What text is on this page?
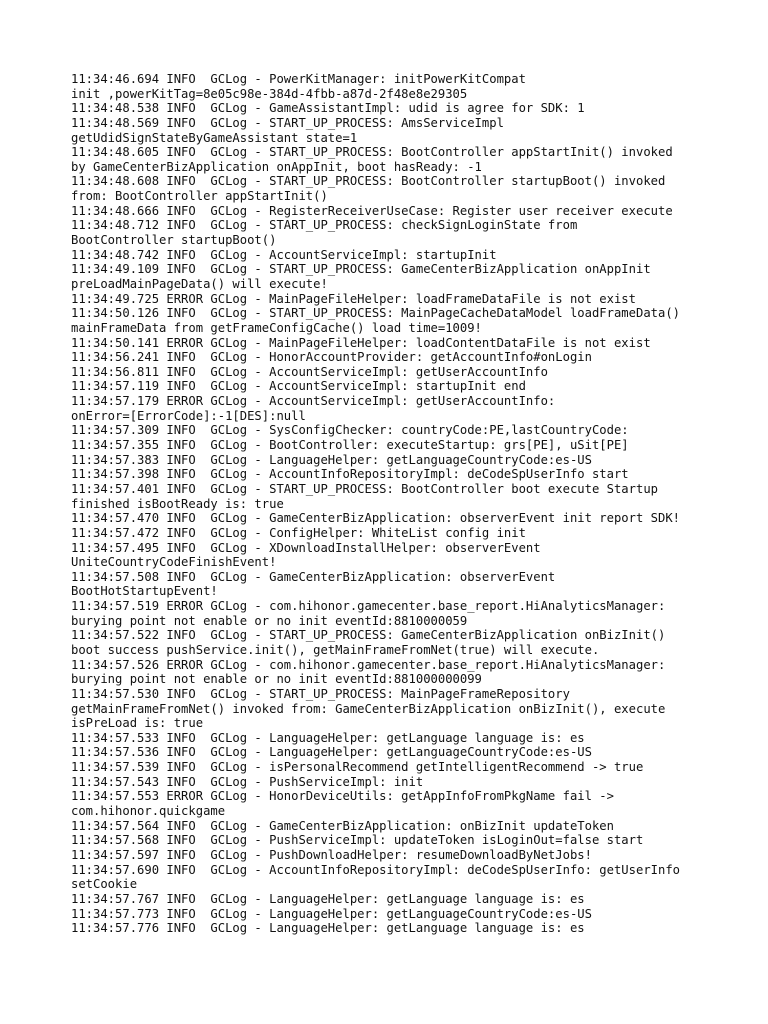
11:34:46.694 INFO  GCLog - PowerKitManager: initPowerKitCompat
init ,powerKitTag=8e05c98e-384d-4fbb-a87d-2f48e8e29305
11:34:48.538 INFO  GCLog - GameAssistantImpl: udid is agree for SDK: 1
11:34:48.569 INFO  GCLog - START_UP_PROCESS: AmsServiceImpl
getUdidSignStateByGameAssistant state=1
11:34:48.605 INFO  GCLog - START_UP_PROCESS: BootController appStartInit() invoked
by GameCenterBizApplication onAppInit, boot hasReady: -1
11:34:48.608 INFO  GCLog - START_UP_PROCESS: BootController startupBoot() invoked
from: BootController appStartInit()
11:34:48.666 INFO  GCLog - RegisterReceiverUseCase: Register user receiver execute
11:34:48.712 INFO  GCLog - START_UP_PROCESS: checkSignLoginState from
BootController startupBoot()
11:34:48.742 INFO  GCLog - AccountServiceImpl: startupInit
11:34:49.109 INFO  GCLog - START_UP_PROCESS: GameCenterBizApplication onAppInit
preLoadMainPageData() will execute!
11:34:49.725 ERROR GCLog - MainPageFileHelper: loadFrameDataFile is not exist
11:34:50.126 INFO  GCLog - START_UP_PROCESS: MainPageCacheDataModel loadFrameData()
mainFrameData from getFrameConfigCache() load time=1009!
11:34:50.141 ERROR GCLog - MainPageFileHelper: loadContentDataFile is not exist
11:34:56.241 INFO  GCLog - HonorAccountProvider: getAccountInfo#onLogin
11:34:56.811 INFO  GCLog - AccountServiceImpl: getUserAccountInfo
11:34:57.119 INFO  GCLog - AccountServiceImpl: startupInit end
11:34:57.179 ERROR GCLog - AccountServiceImpl: getUserAccountInfo:
onError=[ErrorCode]:-1[DES]:null
11:34:57.309 INFO  GCLog - SysConfigChecker: countryCode:PE,lastCountryCode:
11:34:57.355 INFO  GCLog - BootController: executeStartup: grs[PE], uSit[PE]
11:34:57.383 INFO  GCLog - LanguageHelper: getLanguageCountryCode:es-US
11:34:57.398 INFO  GCLog - AccountInfoRepositoryImpl: deCodeSpUserInfo start
11:34:57.401 INFO  GCLog - START_UP_PROCESS: BootController boot execute Startup
finished isBootReady is: true
11:34:57.470 INFO  GCLog - GameCenterBizApplication: observerEvent init report SDK!
11:34:57.472 INFO  GCLog - ConfigHelper: WhiteList config init
11:34:57.495 INFO  GCLog - XDownloadInstallHelper: observerEvent
UniteCountryCodeFinishEvent!
11:34:57.508 INFO  GCLog - GameCenterBizApplication: observerEvent
BootHotStartupEvent!
11:34:57.519 ERROR GCLog - com.hihonor.gamecenter.base_report.HiAnalyticsManager:
burying point not enable or no init eventId:8810000059
11:34:57.522 INFO  GCLog - START_UP_PROCESS: GameCenterBizApplication onBizInit()
boot success pushService.init(), getMainFrameFromNet(true) will execute.
11:34:57.526 ERROR GCLog - com.hihonor.gamecenter.base_report.HiAnalyticsManager:
burying point not enable or no init eventId:881000000099
11:34:57.530 INFO  GCLog - START_UP_PROCESS: MainPageFrameRepository
getMainFrameFromNet() invoked from: GameCenterBizApplication onBizInit(), execute
isPreLoad is: true
11:34:57.533 INFO  GCLog - LanguageHelper: getLanguage language is: es
11:34:57.536 INFO  GCLog - LanguageHelper: getLanguageCountryCode:es-US
11:34:57.539 INFO  GCLog - isPersonalRecommend getIntelligentRecommend -> true
11:34:57.543 INFO  GCLog - PushServiceImpl: init
11:34:57.553 ERROR GCLog - HonorDeviceUtils: getAppInfoFromPkgName fail ->
com.hihonor.quickgame
11:34:57.564 INFO  GCLog - GameCenterBizApplication: onBizInit updateToken
11:34:57.568 INFO  GCLog - PushServiceImpl: updateToken isLoginOut=false start
11:34:57.597 INFO  GCLog - PushDownloadHelper: resumeDownloadByNetJobs!
11:34:57.690 INFO  GCLog - AccountInfoRepositoryImpl: deCodeSpUserInfo: getUserInfo
setCookie
11:34:57.767 INFO  GCLog - LanguageHelper: getLanguage language is: es
11:34:57.773 INFO  GCLog - LanguageHelper: getLanguageCountryCode:es-US
11:34:57.776 INFO  GCLog - LanguageHelper: getLanguage language is: es
